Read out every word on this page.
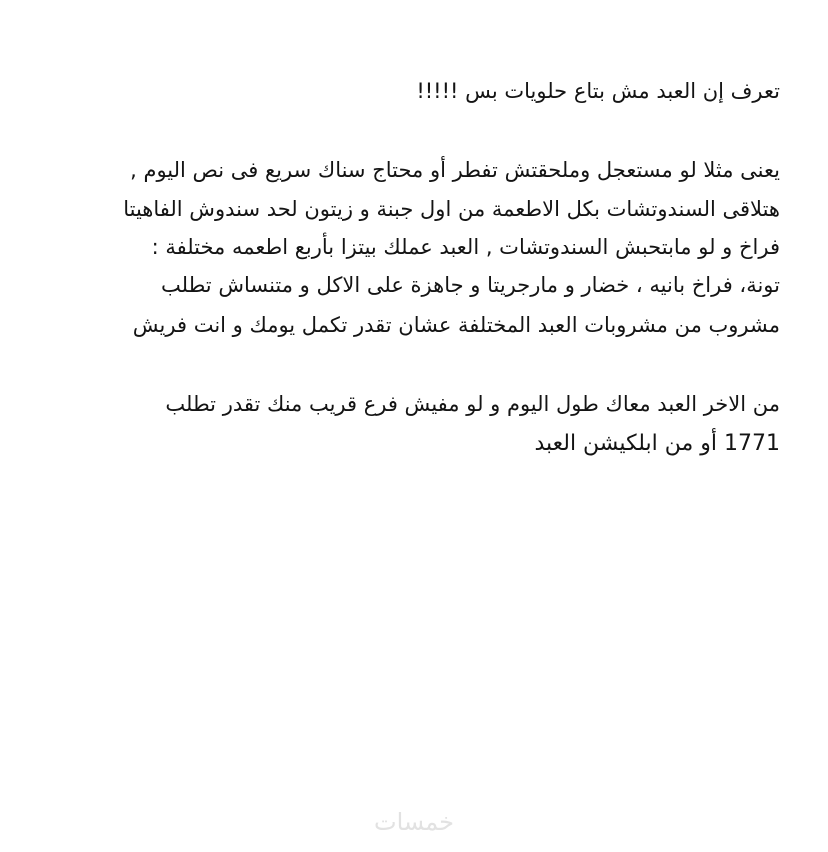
تعرف إن العبد مش بتاع حلويات بس !!!!!
يعنى مثلا لو مستعجل وملحقتش تفطر أو محتاج سناك سريع فى نص اليوم ,
هتلاقى السندوتشات بكل الاطعمة من اول جبنة و زيتون لحد سندوش الفاهيتا
فراخ و لو مابتحبش السندوتشات , العبد عملك بيتزا بأربع اطعمه مختلفة :
تونة، فراخ بانيه ، خضار و مارجريتا و جاهزة على الاكل و متنساش تطلب
مشروب من مشروبات العبد المختلفة عشان تقدر تكمل يومك و انت فريش
من الاخر العبد معاك طول اليوم و لو مفيش فرع قريب منك تقدر تطلب
1771 أو من ابلكيشن العبد
خمسات
